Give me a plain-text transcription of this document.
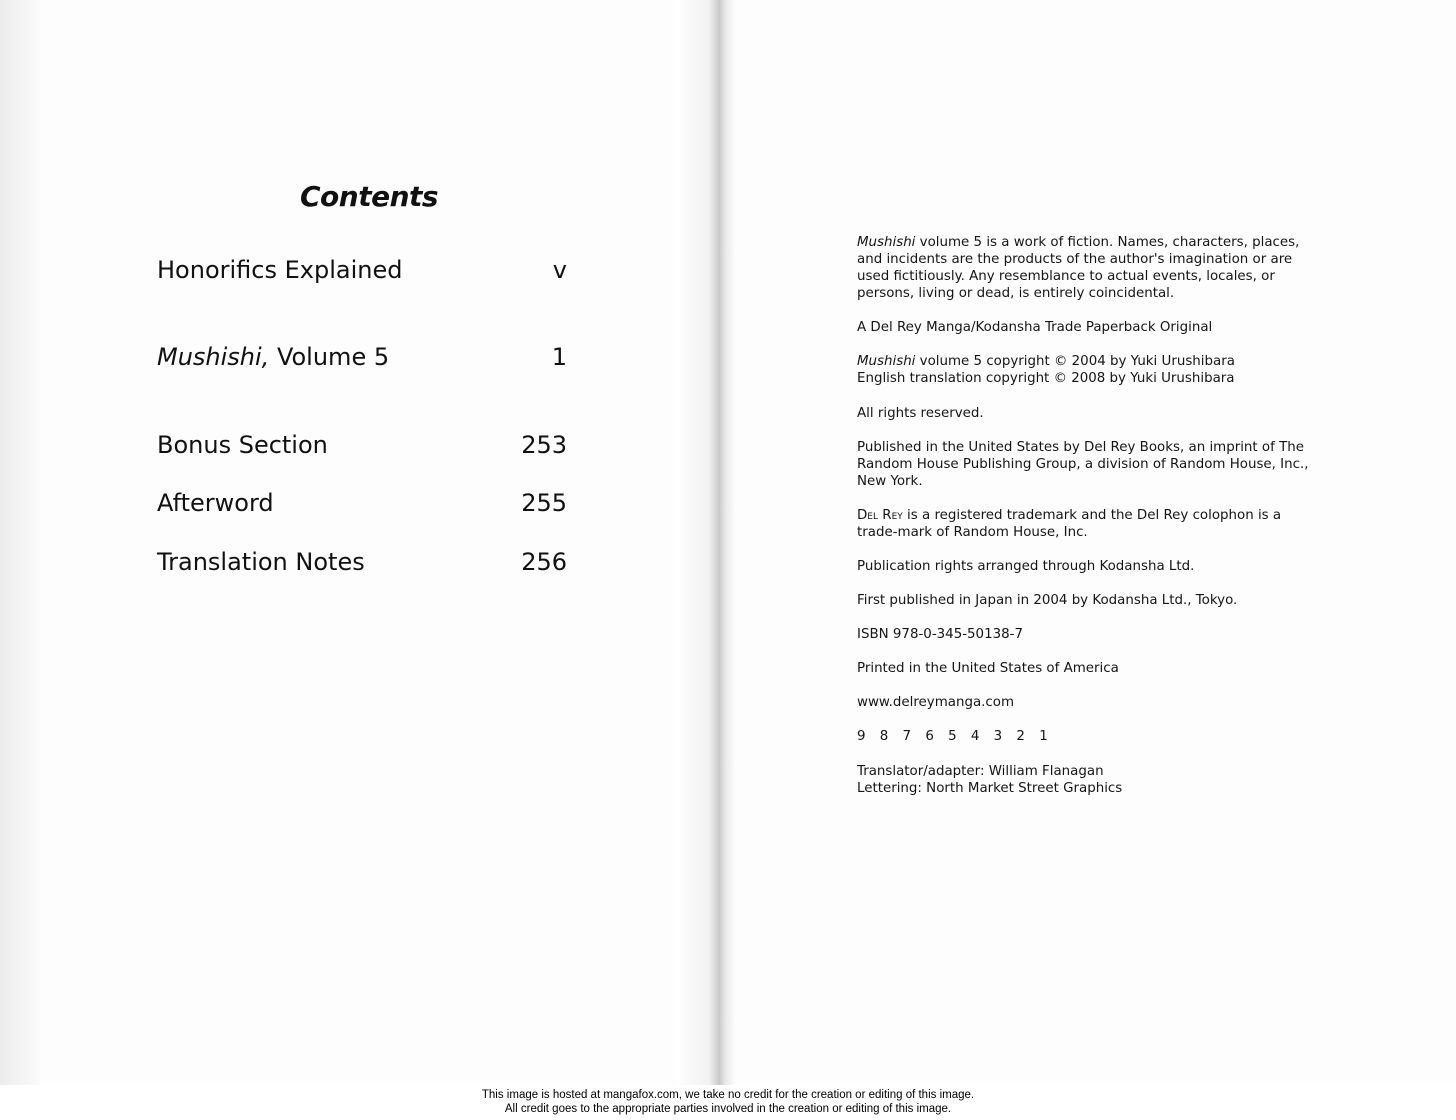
Contents
Honorifics Explained	v
Mushishi, Volume 5	1
Bonus Section	253
Afterword	255
Translation Notes	256

Mushishi volume 5 is a work of fiction. Names, characters, places, and incidents are the products of the author's imagination or are used fictitiously. Any resemblance to actual events, locales, or persons, living or dead, is entirely coincidental.

A Del Rey Manga/Kodansha Trade Paperback Original

Mushishi volume 5 copyright © 2004 by Yuki Urushibara

English translation copyright © 2008 by Yuki Urushibara

All rights reserved.

Published in the United States by Del Rey Books, an imprint of The Random House Publishing Group, a division of Random House, Inc., New York.

Del Rey is a registered trademark and the Del Rey colophon is a trade-mark of Random House, Inc.

Publication rights arranged through Kodansha Ltd.

First published in Japan in 2004 by Kodansha Ltd., Tokyo.

ISBN 978-0-345-50138-7

Printed in the United States of America

www.delreymanga.com

9 8 7 6 5 4 3 2 1

Translator/adapter: William Flanagan

Lettering: North Market Street Graphics

This image is hosted at mangafox.com, we take no credit for the creation or editing of this image.
All credit goes to the appropriate parties involved in the creation or editing of this image.
